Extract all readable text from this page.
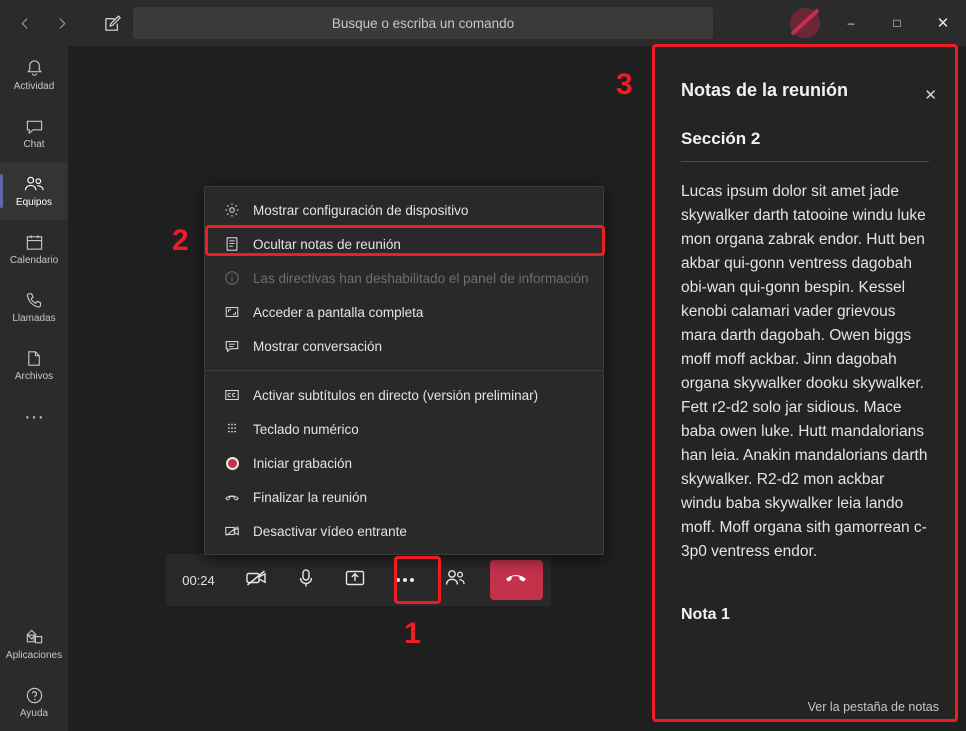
Busque o escriba un comando	–	□	✕
Actividad
Chat
Equipos
Calendario
Llamadas
Archivos
···
Aplicaciones
Ayuda
Mostrar configuración de dispositivo
Ocultar notas de reunión
Las directivas han deshabilitado el panel de información
Acceder a pantalla completa
Mostrar conversación
Activar subtítulos en directo (versión preliminar)
Teclado numérico
Iniciar grabación
Finalizar la reunión
Desactivar vídeo entrante
00:24
Notas de la reunión	✕
Sección 2
Lucas ipsum dolor sit amet jade skywalker darth tatooine windu luke mon organa zabrak endor. Hutt ben akbar qui-gonn ventress dagobah obi-wan qui-gonn bespin. Kessel kenobi calamari vader grievous mara darth dagobah. Owen biggs moff moff ackbar. Jinn dagobah organa skywalker dooku skywalker. Fett r2-d2 solo jar sidious. Mace baba owen luke. Hutt mandalorians han leia. Anakin mandalorians darth skywalker. R2-d2 mon ackbar windu baba skywalker leia lando moff. Moff organa sith gamorrean c-3p0 ventress endor.
Nota 1
Ver la pestaña de notas
1
2
3
